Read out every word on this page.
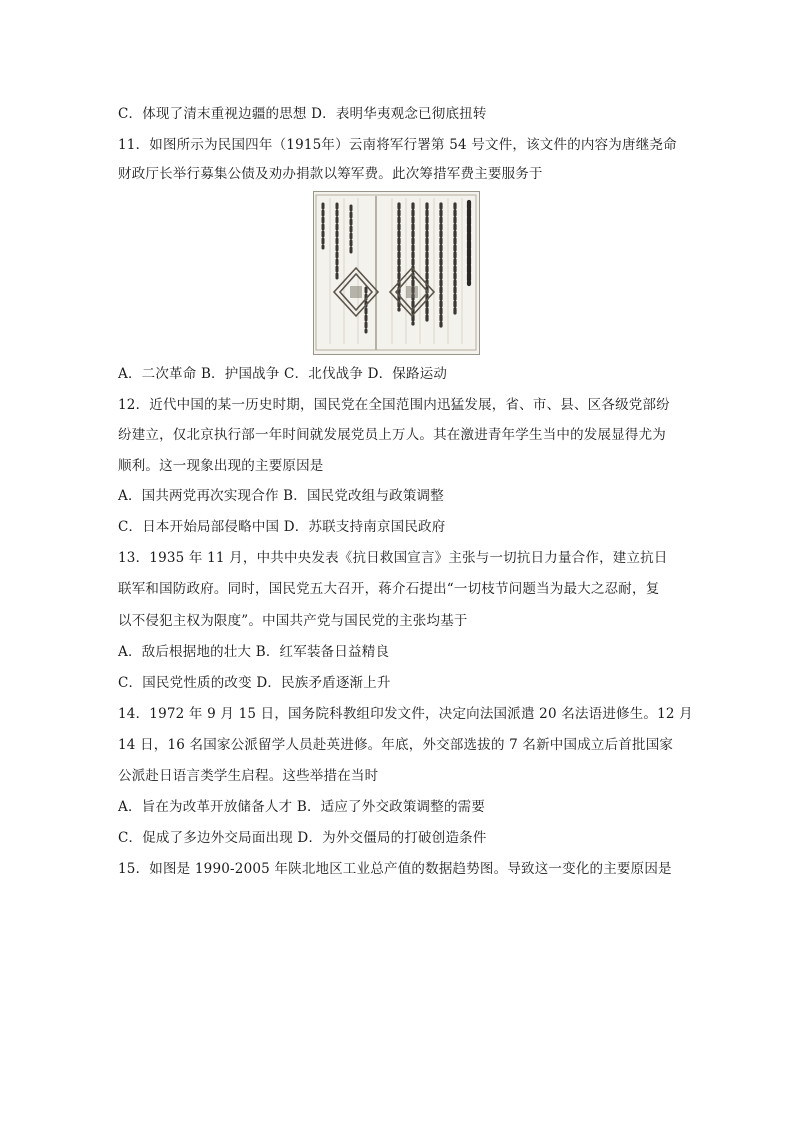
C．体现了清末重视边疆的思想 D．表明华夷观念已彻底扭转
11．如图所示为民国四年（1915年）云南将军行署第 54 号文件，该文件的内容为唐继尧命
财政厅长举行募集公债及劝办捐款以筹军费。此次筹措军费主要服务于
A．二次革命 B．护国战争 C．北伐战争 D．保路运动
12．近代中国的某一历史时期，国民党在全国范围内迅猛发展，省、市、县、区各级党部纷
纷建立，仅北京执行部一年时间就发展党员上万人。其在激进青年学生当中的发展显得尤为
顺利。这一现象出现的主要原因是
A．国共两党再次实现合作 B．国民党改组与政策调整
C．日本开始局部侵略中国 D．苏联支持南京国民政府
13．1935 年 11 月，中共中央发表《抗日救国宣言》主张与一切抗日力量合作，建立抗日
联军和国防政府。同时，国民党五大召开，蒋介石提出“一切枝节问题当为最大之忍耐，复
以不侵犯主权为限度”。中国共产党与国民党的主张均基于
A．敌后根据地的壮大 B．红军装备日益精良
C．国民党性质的改变 D．民族矛盾逐渐上升
14．1972 年 9 月 15 日，国务院科教组印发文件，决定向法国派遣 20 名法语进修生。12 月
14 日，16 名国家公派留学人员赴英进修。年底，外交部选拔的 7 名新中国成立后首批国家
公派赴日语言类学生启程。这些举措在当时
A．旨在为改革开放储备人才 B．适应了外交政策调整的需要
C．促成了多边外交局面出现 D．为外交僵局的打破创造条件
15．如图是 1990-2005 年陕北地区工业总产值的数据趋势图。导致这一变化的主要原因是
